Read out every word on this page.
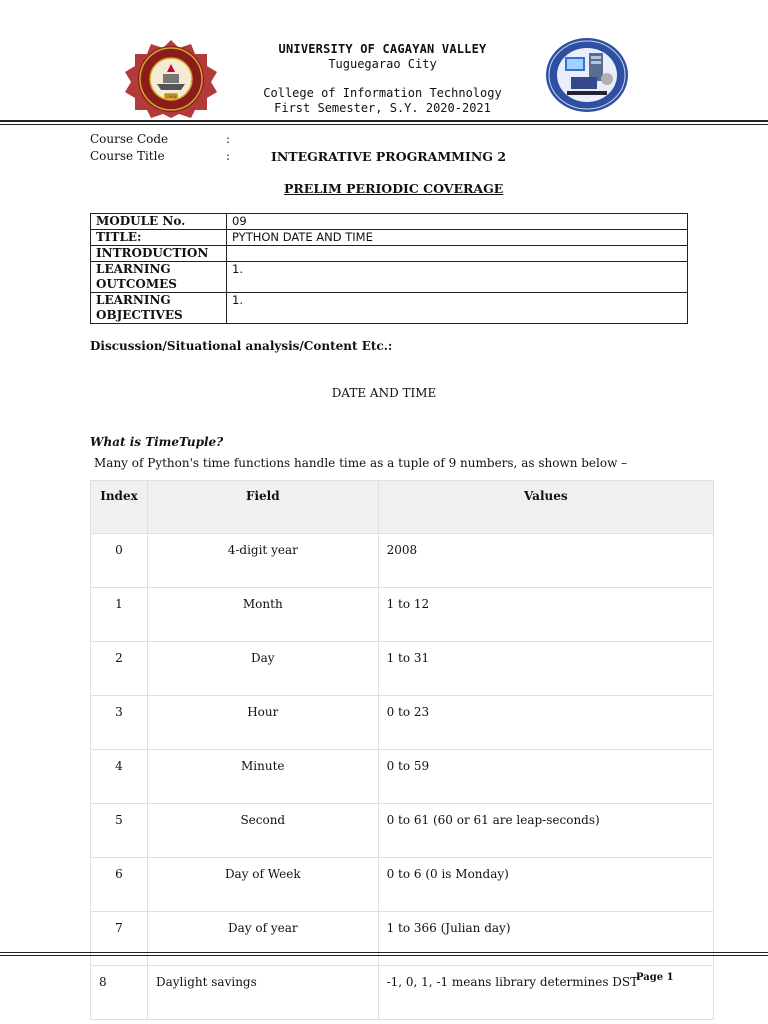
1948
UNIVERSITY OF CAGAYAN VALLEY
Tuguegarao City
College of Information Technology
First Semester, S.Y. 2020-2021
Course Code	:
Course Title	:	INTEGRATIVE PROGRAMMING 2
PRELIM PERIODIC COVERAGE
MODULE No.	09
TITLE:	PYTHON DATE AND TIME
INTRODUCTION	
LEARNING OUTCOMES	1.
LEARNING OBJECTIVES	1.
Discussion/Situational analysis/Content Etc.:
DATE AND TIME
What is TimeTuple?
Many of Python's time functions handle time as a tuple of 9 numbers, as shown below –
Index	Field	Values
0	4-digit year	2008
1	Month	1 to 12
2	Day	1 to 31
3	Hour	0 to 23
4	Minute	0 to 59
5	Second	0 to 61 (60 or 61 are leap-seconds)
6	Day of Week	0 to 6 (0 is Monday)
7	Day of year	1 to 366 (Julian day)
8	Daylight savings	-1, 0, 1, -1 means library determines DST
Page 1
